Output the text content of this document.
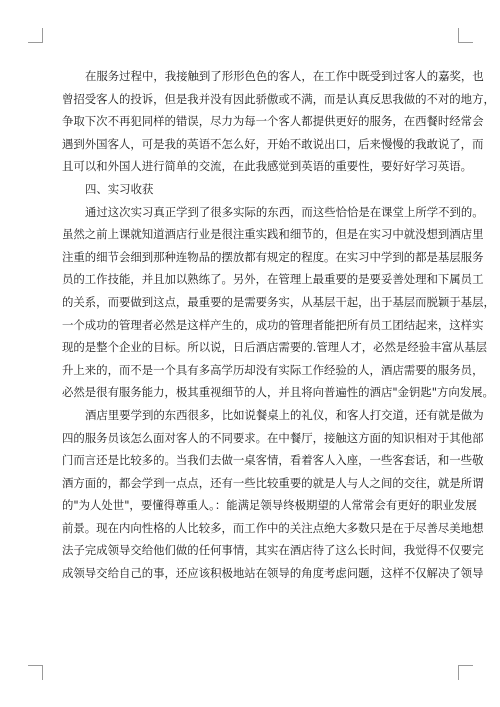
在服务过程中，我接触到了形形色色的客人，在工作中既受到过客人的嘉奖，也

曾招受客人的投诉，但是我并没有因此骄傲或不满，而是认真反思我做的不对的地方，

争取下次不再犯同样的错误，尽力为每一个客人都提供更好的服务，在西餐时经常会

遇到外国客人，可是我的英语不怎么好，开始不敢说出口，后来慢慢的我敢说了，而

且可以和外国人进行简单的交流，在此我感觉到英语的重要性，要好好学习英语。

四、实习收获

通过这次实习真正学到了很多实际的东西，而这些恰恰是在课堂上所学不到的。

虽然之前上课就知道酒店行业是很注重实践和细节的，但是在实习中就没想到酒店里

注重的细节会细到那种连物品的摆放都有规定的程度。在实习中学到的都是基层服务

员的工作技能，并且加以熟练了。另外，在管理上最重要的是要妥善处理和下属员工

的关系，而要做到这点，最重要的是需要务实，从基层干起，出于基层而脱颖于基层，

一个成功的管理者必然是这样产生的，成功的管理者能把所有员工团结起来，这样实

现的是整个企业的目标。所以说，日后酒店需要的.管理人才，必然是经验丰富从基层

升上来的，而不是一个具有多高学历却没有实际工作经验的人，酒店需要的服务员，

必然是很有服务能力，极其重视细节的人，并且将向普遍性的酒店"金钥匙"方向发展。

酒店里要学到的东西很多，比如说餐桌上的礼仪，和客人打交道，还有就是做为

四的服务员该怎么面对客人的不同要求。在中餐厅，接触这方面的知识相对于其他部

门而言还是比较多的。当我们去做一桌客情，看着客人入座，一些客套话，和一些敬

酒方面的，都会学到一点点，还有一些比较重要的就是人与人之间的交往，就是所谓

的"为人处世"，要懂得尊重人。：能满足领导终极期望的人常常会有更好的职业发展

前景。现在内向性格的人比较多，而工作中的关注点绝大多数只是在于尽善尽美地想

法子完成领导交给他们做的任何事情，其实在酒店待了这么长时间，我觉得不仅要完

成领导交给自己的事，还应该积极地站在领导的角度考虑问题，这样不仅解决了领导
